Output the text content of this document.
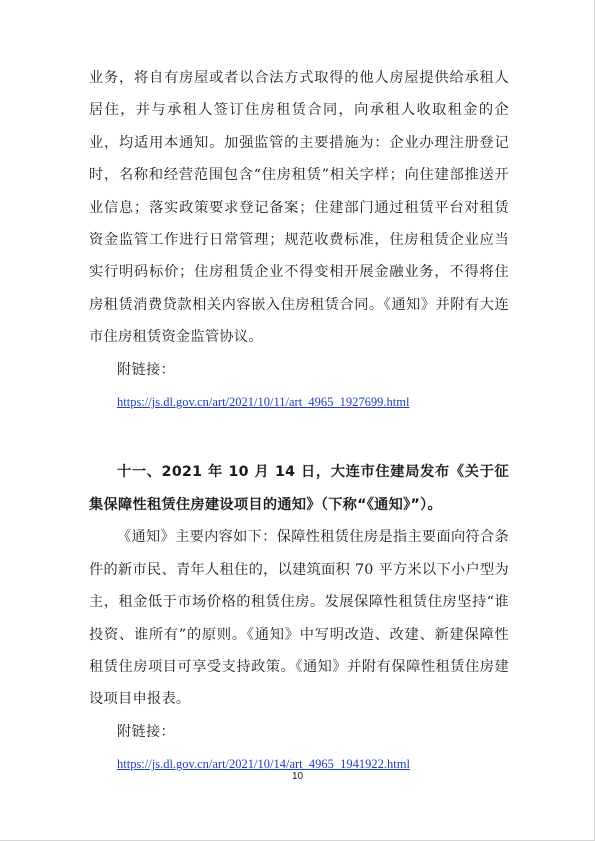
业务，将自有房屋或者以合法方式取得的他人房屋提供给承租人居住，并与承租人签订住房租赁合同，向承租人收取租金的企业，均适用本通知。加强监管的主要措施为：企业办理注册登记时，名称和经营范围包含“住房租赁”相关字样；向住建部推送开业信息；落实政策要求登记备案；住建部门通过租赁平台对租赁资金监管工作进行日常管理；规范收费标准，住房租赁企业应当实行明码标价；住房租赁企业不得变相开展金融业务，不得将住房租赁消费贷款相关内容嵌入住房租赁合同。《通知》并附有大连市住房租赁资金监管协议。

附链接：

https://js.dl.gov.cn/art/2021/10/11/art_4965_1927699.html

十一、2021 年 10 月 14 日，大连市住建局发布《关于征集保障性租赁住房建设项目的通知》（下称“《通知》”）。

《通知》主要内容如下：保障性租赁住房是指主要面向符合条件的新市民、青年人租住的，以建筑面积 70 平方米以下小户型为主，租金低于市场价格的租赁住房。发展保障性租赁住房坚持“谁投资、谁所有”的原则。《通知》中写明改造、改建、新建保障性租赁住房项目可享受支持政策。《通知》并附有保障性租赁住房建设项目申报表。

附链接：

https://js.dl.gov.cn/art/2021/10/14/art_4965_1941922.html
10
